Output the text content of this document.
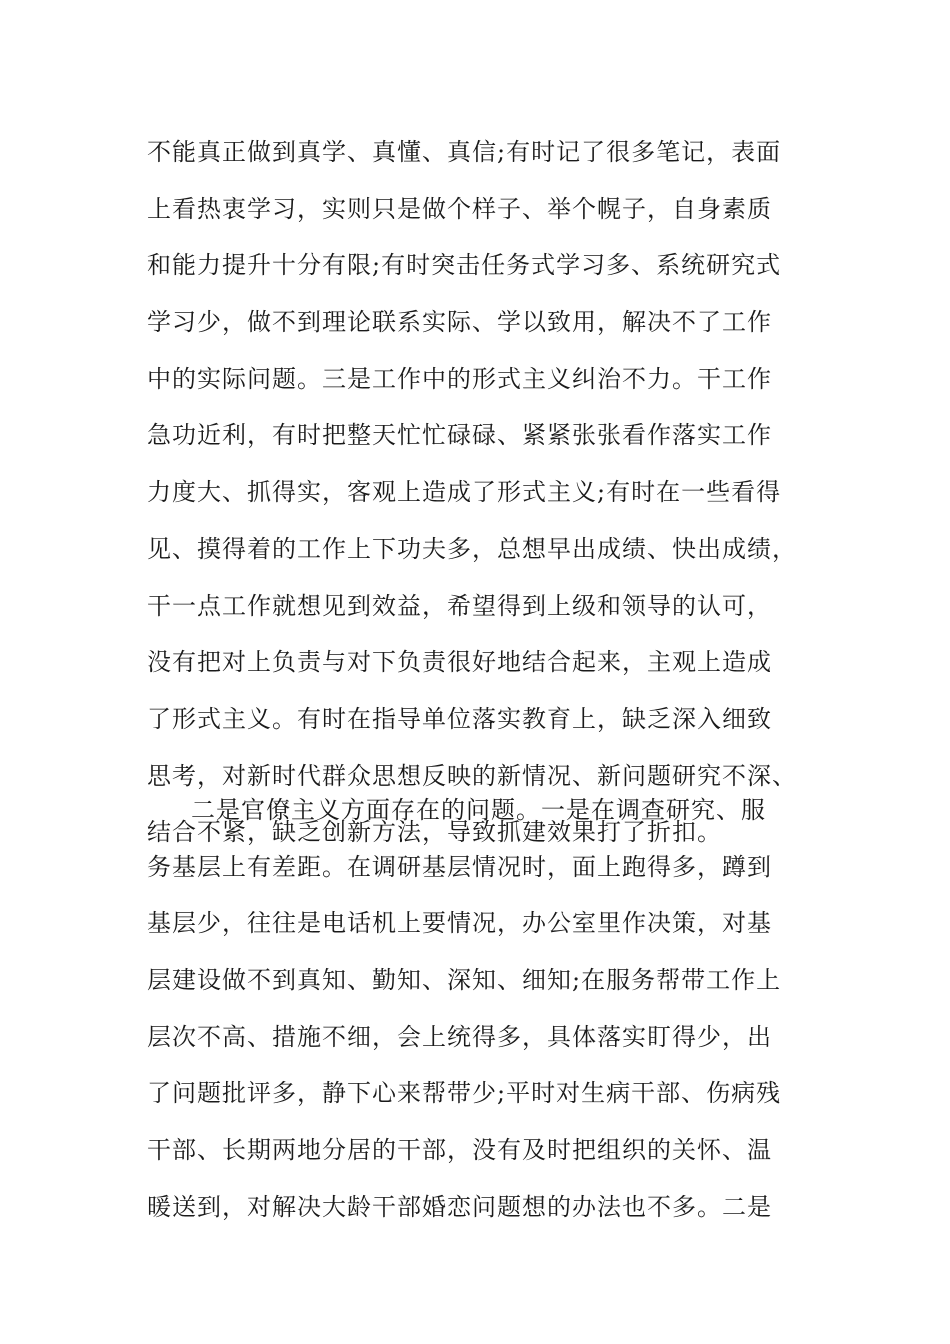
不能真正做到真学、真懂、真信;有时记了很多笔记，表面
上看热衷学习，实则只是做个样子、举个幌子，自身素质
和能力提升十分有限;有时突击任务式学习多、系统研究式
学习少，做不到理论联系实际、学以致用，解决不了工作
中的实际问题。三是工作中的形式主义纠治不力。干工作
急功近利，有时把整天忙忙碌碌、紧紧张张看作落实工作
力度大、抓得实，客观上造成了形式主义;有时在一些看得
见、摸得着的工作上下功夫多，总想早出成绩、快出成绩，
干一点工作就想见到效益，希望得到上级和领导的认可，
没有把对上负责与对下负责很好地结合起来，主观上造成
了形式主义。有时在指导单位落实教育上，缺乏深入细致
思考，对新时代群众思想反映的新情况、新问题研究不深、
结合不紧，缺乏创新方法，导致抓建效果打了折扣。
二是官僚主义方面存在的问题。一是在调查研究、服
务基层上有差距。在调研基层情况时，面上跑得多，蹲到
基层少，往往是电话机上要情况，办公室里作决策，对基
层建设做不到真知、勤知、深知、细知;在服务帮带工作上
层次不高、措施不细，会上统得多，具体落实盯得少，出
了问题批评多，静下心来帮带少;平时对生病干部、伤病残
干部、长期两地分居的干部，没有及时把组织的关怀、温
暖送到，对解决大龄干部婚恋问题想的办法也不多。二是
